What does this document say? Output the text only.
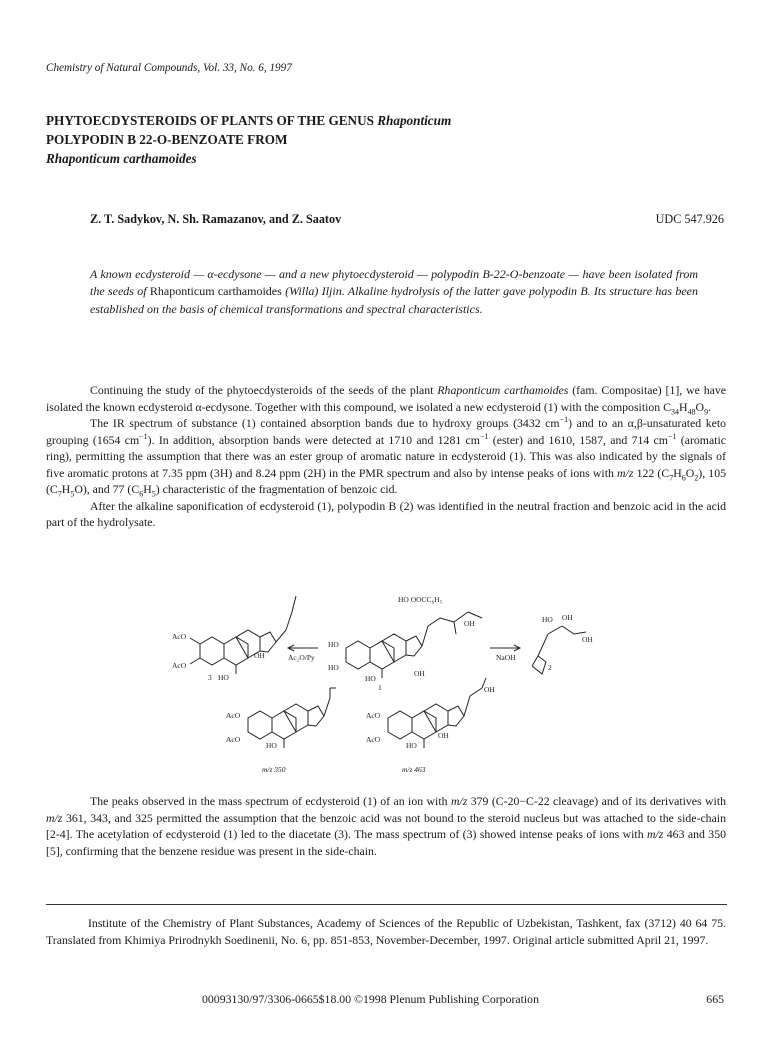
Chemistry of Natural Compounds, Vol. 33, No. 6, 1997
PHYTOECDYSTEROIDS OF PLANTS OF THE GENUS Rhaponticum
POLYPODIN B 22-O-BENZOATE FROM
Rhaponticum carthamoides
Z. T. Sadykov, N. Sh. Ramazanov, and Z. Saatov	UDC 547.926
A known ecdysteroid — α-ecdysone — and a new phytoecdysteroid — polypodin B-22-O-benzoate — have been isolated from the seeds of Rhaponticum carthamoides (Willa) Iljin. Alkaline hydrolysis of the latter gave polypodin B. Its structure has been established on the basis of chemical transformations and spectral characteristics.

Continuing the study of the phytoecdysteroids of the seeds of the plant Rhaponticum carthamoides (fam. Compositae) [1], we have isolated the known ecdysteroid α-ecdysone. Together with this compound, we isolated a new ecdysteroid (1) with the composition $C_{34}H_{48}O_9$.

The IR spectrum of substance (1) contained absorption bands due to hydroxy groups (3432 $cm^{-1}$) and to an α,β-unsaturated keto grouping (1654 $cm^{-1}$). In addition, absorption bands were detected at 1710 and 1281 $cm^{-1}$ (ester) and 1610, 1587, and 714 $cm^{-1}$ (aromatic ring), permitting the assumption that there was an ester group of aromatic nature in ecdysteroid (1). This was also indicated by the signals of five aromatic protons at 7.35 ppm (3H) and 8.24 ppm (2H) in the PMR spectrum and also by intense peaks of ions with m/z 122 $(C_7H_6O_2)$, 105 $(C_7H_5O)$, and 77 $(C_6H_5)$ characteristic of the fragmentation of benzoic cid.

After the alkaline saponification of ecdysteroid (1), polypodin B (2) was identified in the neutral fraction and benzoic acid in the acid part of the hydrolysate.

HO OOCC₆H₅
OH
OH
HO
HO
HO
AcO
AcO
HO
OH	Ac₂O/Py	NaOH
HO OH
OH
2
3
1	OH
AcO
AcO
HO
AcO
AcO
HO
OH
m/z 350	m/z 463

The peaks observed in the mass spectrum of ecdysteroid (1) of an ion with m/z 379 (C-20−C-22 cleavage) and of its derivatives with m/z 361, 343, and 325 permitted the assumption that the benzoic acid was not bound to the steroid nucleus but was attached to the side-chain [2-4]. The acetylation of ecdysteroid (1) led to the diacetate (3). The mass spectrum of (3) showed intense peaks of ions with m/z 463 and 350 [5], confirming that the benzene residue was present in the side-chain.

Institute of the Chemistry of Plant Substances, Academy of Sciences of the Republic of Uzbekistan, Tashkent, fax (3712) 40 64 75. Translated from Khimiya Prirodnykh Soedinenii, No. 6, pp. 851-853, November-December, 1997. Original article submitted April 21, 1997.
00093130/97/3306-0665$18.00 ©1998 Plenum Publishing Corporation	665
